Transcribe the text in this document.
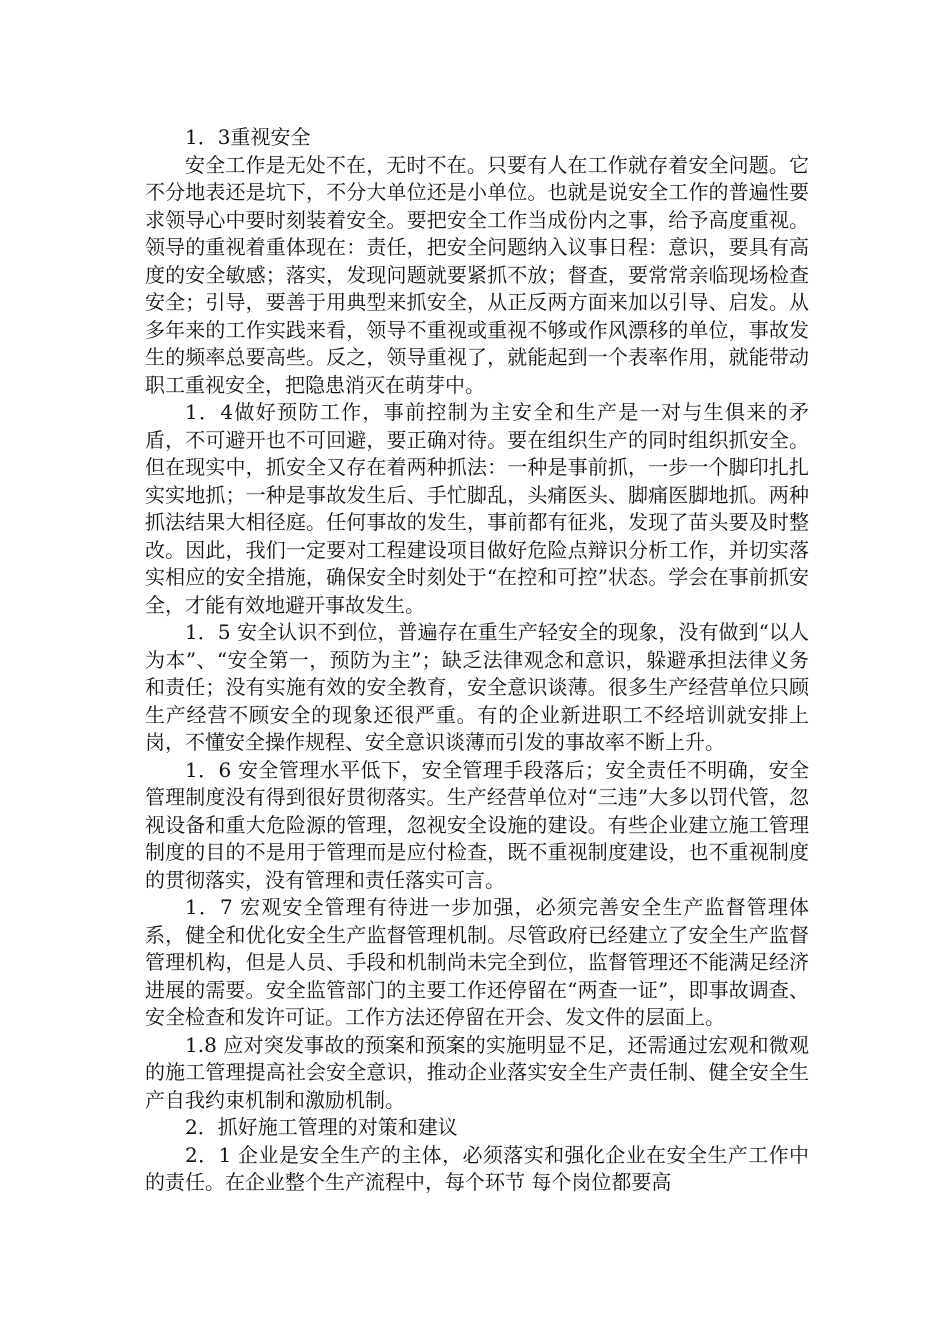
1．3重视安全

安全工作是无处不在，无时不在。只要有人在工作就存着安全问题。它不分地表还是坑下，不分大单位还是小单位。也就是说安全工作的普遍性要求领导心中要时刻装着安全。要把安全工作当成份内之事，给予高度重视。领导的重视着重体现在：责任，把安全问题纳入议事日程：意识，要具有高度的安全敏感；落实，发现问题就要紧抓不放；督查，要常常亲临现场检查安全；引导，要善于用典型来抓安全，从正反两方面来加以引导、启发。从多年来的工作实践来看，领导不重视或重视不够或作风漂移的单位，事故发生的频率总要高些。反之，领导重视了，就能起到一个表率作用，就能带动职工重视安全，把隐患消灭在萌芽中。

1．4做好预防工作，事前控制为主安全和生产是一对与生俱来的矛盾，不可避开也不可回避，要正确对待。要在组织生产的同时组织抓安全。但在现实中，抓安全又存在着两种抓法：一种是事前抓，一步一个脚印扎扎实实地抓；一种是事故发生后、手忙脚乱，头痛医头、脚痛医脚地抓。两种抓法结果大相径庭。任何事故的发生，事前都有征兆，发现了苗头要及时整改。因此，我们一定要对工程建设项目做好危险点辩识分析工作，并切实落实相应的安全措施，确保安全时刻处于“在控和可控”状态。学会在事前抓安全，才能有效地避开事故发生。

1．5 安全认识不到位，普遍存在重生产轻安全的现象，没有做到“以人为本”、“安全第一，预防为主”；缺乏法律观念和意识，躲避承担法律义务和责任；没有实施有效的安全教育，安全意识谈薄。很多生产经营单位只顾生产经营不顾安全的现象还很严重。有的企业新进职工不经培训就安排上岗，不懂安全操作规程、安全意识谈薄而引发的事故率不断上升。

1．6 安全管理水平低下，安全管理手段落后；安全责任不明确，安全管理制度没有得到很好贯彻落实。生产经营单位对“三违”大多以罚代管，忽视设备和重大危险源的管理，忽视安全设施的建设。有些企业建立施工管理制度的目的不是用于管理而是应付检查，既不重视制度建设，也不重视制度的贯彻落实，没有管理和责任落实可言。

1．7 宏观安全管理有待进一步加强，必须完善安全生产监督管理体系，健全和优化安全生产监督管理机制。尽管政府已经建立了安全生产监督管理机构，但是人员、手段和机制尚未完全到位，监督管理还不能满足经济进展的需要。安全监管部门的主要工作还停留在“两查一证”，即事故调查、安全检查和发许可证。工作方法还停留在开会、发文件的层面上。

1.8 应对突发事故的预案和预案的实施明显不足，还需通过宏观和微观的施工管理提高社会安全意识，推动企业落实安全生产责任制、健全安全生产自我约束机制和激励机制。

2．抓好施工管理的对策和建议

2．1 企业是安全生产的主体，必须落实和强化企业在安全生产工作中的责任。在企业整个生产流程中，每个环节 每个岗位都要高
